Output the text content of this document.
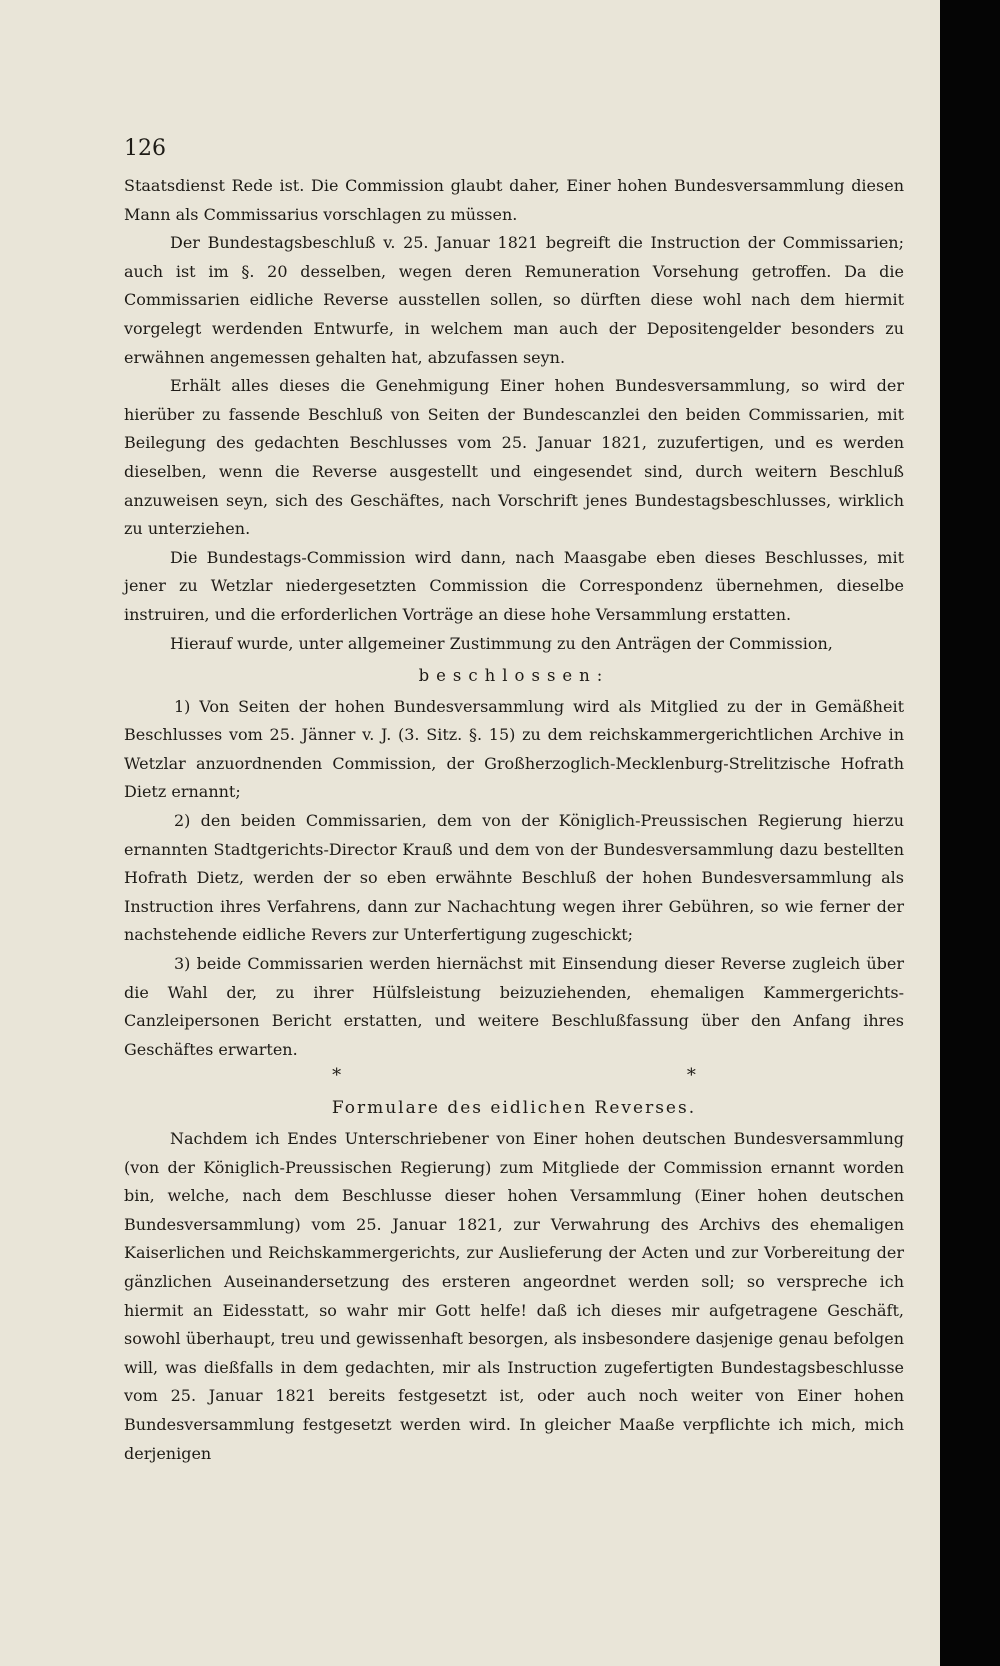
126

Staatsdienst Rede ist. Die Commission glaubt daher, Einer hohen Bundesversammlung diesen Mann als Commissarius vorschlagen zu müssen.

Der Bundestagsbeschluß v. 25. Januar 1821 begreift die Instruction der Commissarien; auch ist im §. 20 desselben, wegen deren Remuneration Vorsehung getroffen. Da die Commissarien eidliche Reverse ausstellen sollen, so dürften diese wohl nach dem hiermit vorgelegt werdenden Entwurfe, in welchem man auch der Depositengelder besonders zu erwähnen angemessen gehalten hat, abzufassen seyn.

Erhält alles dieses die Genehmigung Einer hohen Bundesversammlung, so wird der hierüber zu fassende Beschluß von Seiten der Bundescanzlei den beiden Commissarien, mit Beilegung des gedachten Beschlusses vom 25. Januar 1821, zuzufertigen, und es werden dieselben, wenn die Reverse ausgestellt und eingesendet sind, durch weitern Beschluß anzuweisen seyn, sich des Geschäftes, nach Vorschrift jenes Bundestagsbeschlusses, wirklich zu unterziehen.

Die Bundestags-Commission wird dann, nach Maasgabe eben dieses Beschlusses, mit jener zu Wetzlar niedergesetzten Commission die Correspondenz übernehmen, dieselbe instruiren, und die erforderlichen Vorträge an diese hohe Versammlung erstatten.

Hierauf wurde, unter allgemeiner Zustimmung zu den Anträgen der Commission,

beschlossen:

1) Von Seiten der hohen Bundesversammlung wird als Mitglied zu der in Gemäßheit Beschlusses vom 25. Jänner v. J. (3. Sitz. §. 15) zu dem reichskammergerichtlichen Archive in Wetzlar anzuordnenden Commission, der Großherzoglich-Mecklenburg-Strelitzische Hofrath Dietz ernannt;

2) den beiden Commissarien, dem von der Königlich-Preussischen Regierung hierzu ernannten Stadtgerichts-Director Krauß und dem von der Bundesversammlung dazu bestellten Hofrath Dietz, werden der so eben erwähnte Beschluß der hohen Bundesversammlung als Instruction ihres Verfahrens, dann zur Nachachtung wegen ihrer Gebühren, so wie ferner der nachstehende eidliche Revers zur Unterfertigung zugeschickt;

3) beide Commissarien werden hiernächst mit Einsendung dieser Reverse zugleich über die Wahl der, zu ihrer Hülfsleistung beizuziehenden, ehemaligen Kammergerichts-Canzleipersonen Bericht erstatten, und weitere Beschlußfassung über den Anfang ihres Geschäftes erwarten.

* *

Formulare des eidlichen Reverses.

Nachdem ich Endes Unterschriebener von Einer hohen deutschen Bundesversammlung (von der Königlich-Preussischen Regierung) zum Mitgliede der Commission ernannt worden bin, welche, nach dem Beschlusse dieser hohen Versammlung (Einer hohen deutschen Bundesversammlung) vom 25. Januar 1821, zur Verwahrung des Archivs des ehemaligen Kaiserlichen und Reichskammergerichts, zur Auslieferung der Acten und zur Vorbereitung der gänzlichen Auseinandersetzung des ersteren angeordnet werden soll; so verspreche ich hiermit an Eidesstatt, so wahr mir Gott helfe! daß ich dieses mir aufgetragene Geschäft, sowohl überhaupt, treu und gewissenhaft besorgen, als insbesondere dasjenige genau befolgen will, was dießfalls in dem gedachten, mir als Instruction zugefertigten Bundestagsbeschlusse vom 25. Januar 1821 bereits festgesetzt ist, oder auch noch weiter von Einer hohen Bundesversammlung festgesetzt werden wird. In gleicher Maaße verpflichte ich mich, mich derjenigen
